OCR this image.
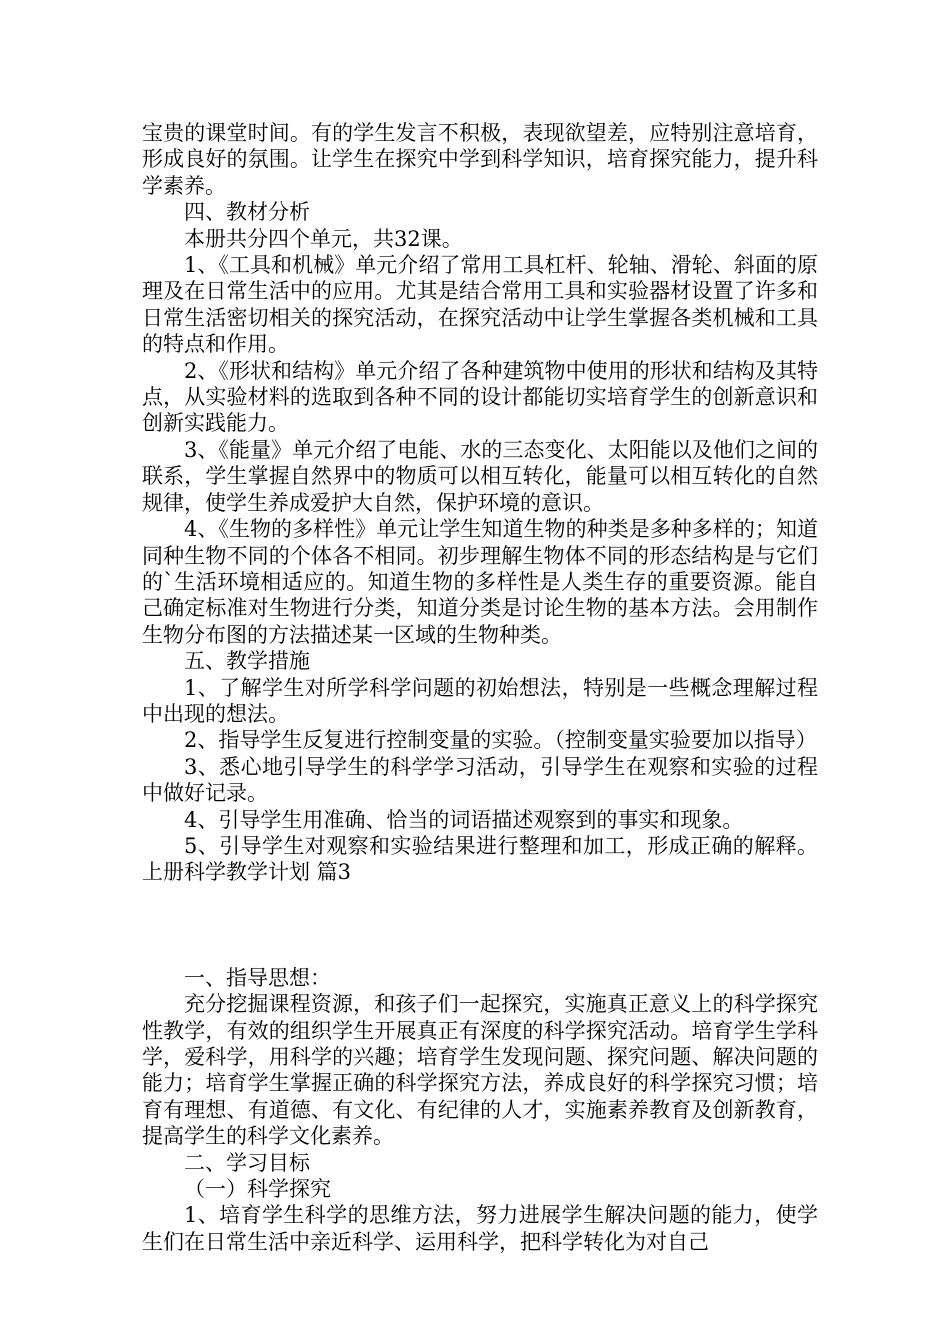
宝贵的课堂时间。有的学生发言不积极，表现欲望差，应特别注意培育，形成良好的氛围。让学生在探究中学到科学知识，培育探究能力，提升科学素养。

四、教材分析

本册共分四个单元，共32课。

1、《工具和机械》单元介绍了常用工具杠杆、轮轴、滑轮、斜面的原理及在日常生活中的应用。尤其是结合常用工具和实验器材设置了许多和日常生活密切相关的探究活动，在探究活动中让学生掌握各类机械和工具的特点和作用。

2、《形状和结构》单元介绍了各种建筑物中使用的形状和结构及其特点，从实验材料的选取到各种不同的设计都能切实培育学生的创新意识和创新实践能力。

3、《能量》单元介绍了电能、水的三态变化、太阳能以及他们之间的联系，学生掌握自然界中的物质可以相互转化，能量可以相互转化的自然规律，使学生养成爱护大自然，保护环境的意识。

4、《生物的多样性》单元让学生知道生物的种类是多种多样的；知道同种生物不同的个体各不相同。初步理解生物体不同的形态结构是与它们的`生活环境相适应的。知道生物的多样性是人类生存的重要资源。能自己确定标准对生物进行分类，知道分类是讨论生物的基本方法。会用制作生物分布图的方法描述某一区域的生物种类。

五、教学措施

1、了解学生对所学科学问题的初始想法，特别是一些概念理解过程中出现的想法。

2、指导学生反复进行控制变量的实验。（控制变量实验要加以指导）

3、悉心地引导学生的科学学习活动，引导学生在观察和实验的过程中做好记录。

4、引导学生用准确、恰当的词语描述观察到的事实和现象。

5、引导学生对观察和实验结果进行整理和加工，形成正确的解释。上册科学教学计划 篇3

一、指导思想：

充分挖掘课程资源，和孩子们一起探究，实施真正意义上的科学探究性教学，有效的组织学生开展真正有深度的科学探究活动。培育学生学科学，爱科学，用科学的兴趣；培育学生发现问题、探究问题、解决问题的能力；培育学生掌握正确的科学探究方法，养成良好的科学探究习惯；培育有理想、有道德、有文化、有纪律的人才，实施素养教育及创新教育，提高学生的科学文化素养。

二、学习目标

（一）科学探究

1、培育学生科学的思维方法，努力进展学生解决问题的能力，使学生们在日常生活中亲近科学、运用科学，把科学转化为对自己
